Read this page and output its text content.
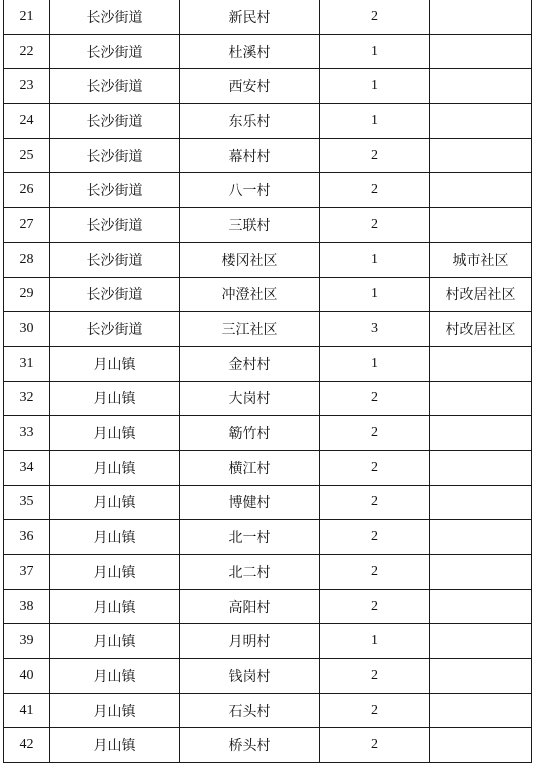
21	长沙街道	新民村	2	
22	长沙街道	杜溪村	1	
23	长沙街道	西安村	1	
24	长沙街道	东乐村	1	
25	长沙街道	幕村村	2	
26	长沙街道	八一村	2	
27	长沙街道	三联村	2	
28	长沙街道	楼冈社区	1	城市社区
29	长沙街道	冲澄社区	1	村改居社区
30	长沙街道	三江社区	3	村改居社区
31	月山镇	金村村	1	
32	月山镇	大岗村	2	
33	月山镇	簕竹村	2	
34	月山镇	横江村	2	
35	月山镇	博健村	2	
36	月山镇	北一村	2	
37	月山镇	北二村	2	
38	月山镇	高阳村	2	
39	月山镇	月明村	1	
40	月山镇	钱岗村	2	
41	月山镇	石头村	2	
42	月山镇	桥头村	2	
